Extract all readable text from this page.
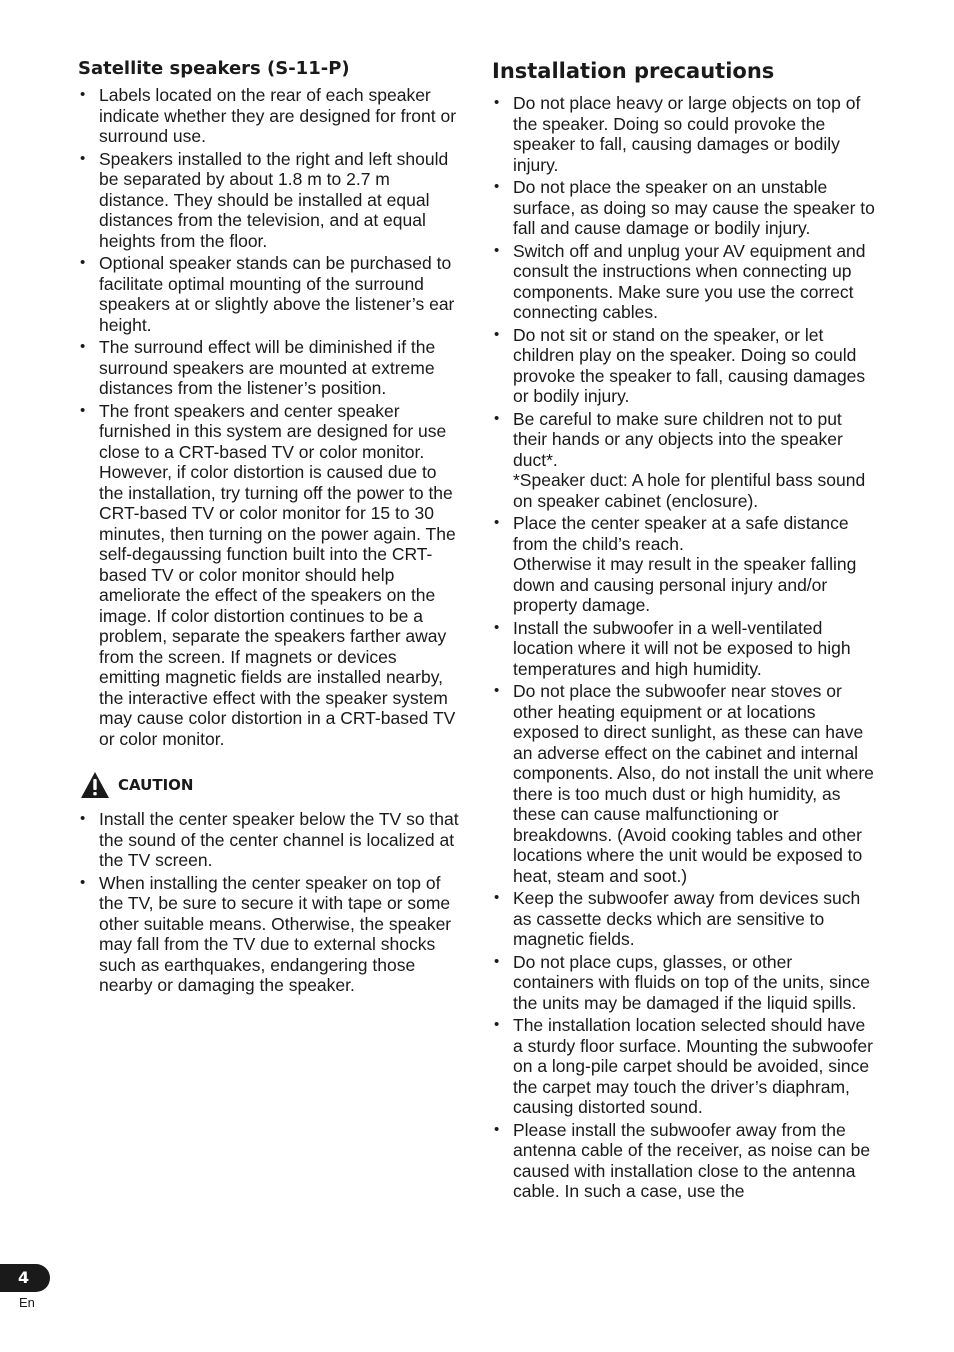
Satellite speakers (S-11-P)
• Labels located on the rear of each speaker indicate whether they are designed for front or surround use.
• Speakers installed to the right and left should be separated by about 1.8 m to 2.7 m distance. They should be installed at equal distances from the television, and at equal heights from the floor.
• Optional speaker stands can be purchased to facilitate optimal mounting of the surround speakers at or slightly above the listener’s ear height.
• The surround effect will be diminished if the surround speakers are mounted at extreme distances from the listener’s position.
• The front speakers and center speaker furnished in this system are designed for use close to a CRT-based TV or color monitor. However, if color distortion is caused due to the installation, try turning off the power to the CRT-based TV or color monitor for 15 to 30 minutes, then turning on the power again. The self-degaussing function built into the CRT-based TV or color monitor should help ameliorate the effect of the speakers on the image. If color distortion continues to be a problem, separate the speakers farther away from the screen. If magnets or devices emitting magnetic fields are installed nearby, the interactive effect with the speaker system may cause color distortion in a CRT-based TV or color monitor.
CAUTION
• Install the center speaker below the TV so that the sound of the center channel is localized at the TV screen.
• When installing the center speaker on top of the TV, be sure to secure it with tape or some other suitable means. Otherwise, the speaker may fall from the TV due to external shocks such as earthquakes, endangering those nearby or damaging the speaker.
Installation precautions
• Do not place heavy or large objects on top of the speaker. Doing so could provoke the speaker to fall, causing damages or bodily injury.
• Do not place the speaker on an unstable surface, as doing so may cause the speaker to fall and cause damage or bodily injury.
• Switch off and unplug your AV equipment and consult the instructions when connecting up components. Make sure you use the correct connecting cables.
• Do not sit or stand on the speaker, or let children play on the speaker. Doing so could provoke the speaker to fall, causing damages or bodily injury.
• Be careful to make sure children not to put their hands or any objects into the speaker duct*.
*Speaker duct: A hole for plentiful bass sound on speaker cabinet (enclosure).
• Place the center speaker at a safe distance from the child’s reach.
Otherwise it may result in the speaker falling down and causing personal injury and/or property damage.
• Install the subwoofer in a well-ventilated location where it will not be exposed to high temperatures and high humidity.
• Do not place the subwoofer near stoves or other heating equipment or at locations exposed to direct sunlight, as these can have an adverse effect on the cabinet and internal components. Also, do not install the unit where there is too much dust or high humidity, as these can cause malfunctioning or breakdowns. (Avoid cooking tables and other locations where the unit would be exposed to heat, steam and soot.)
• Keep the subwoofer away from devices such as cassette decks which are sensitive to magnetic fields.
• Do not place cups, glasses, or other containers with fluids on top of the units, since the units may be damaged if the liquid spills.
• The installation location selected should have a sturdy floor surface. Mounting the subwoofer on a long-pile carpet should be avoided, since the carpet may touch the driver’s diaphram, causing distorted sound.
• Please install the subwoofer away from the antenna cable of the receiver, as noise can be caused with installation close to the antenna cable. In such a case, use the
4
En
